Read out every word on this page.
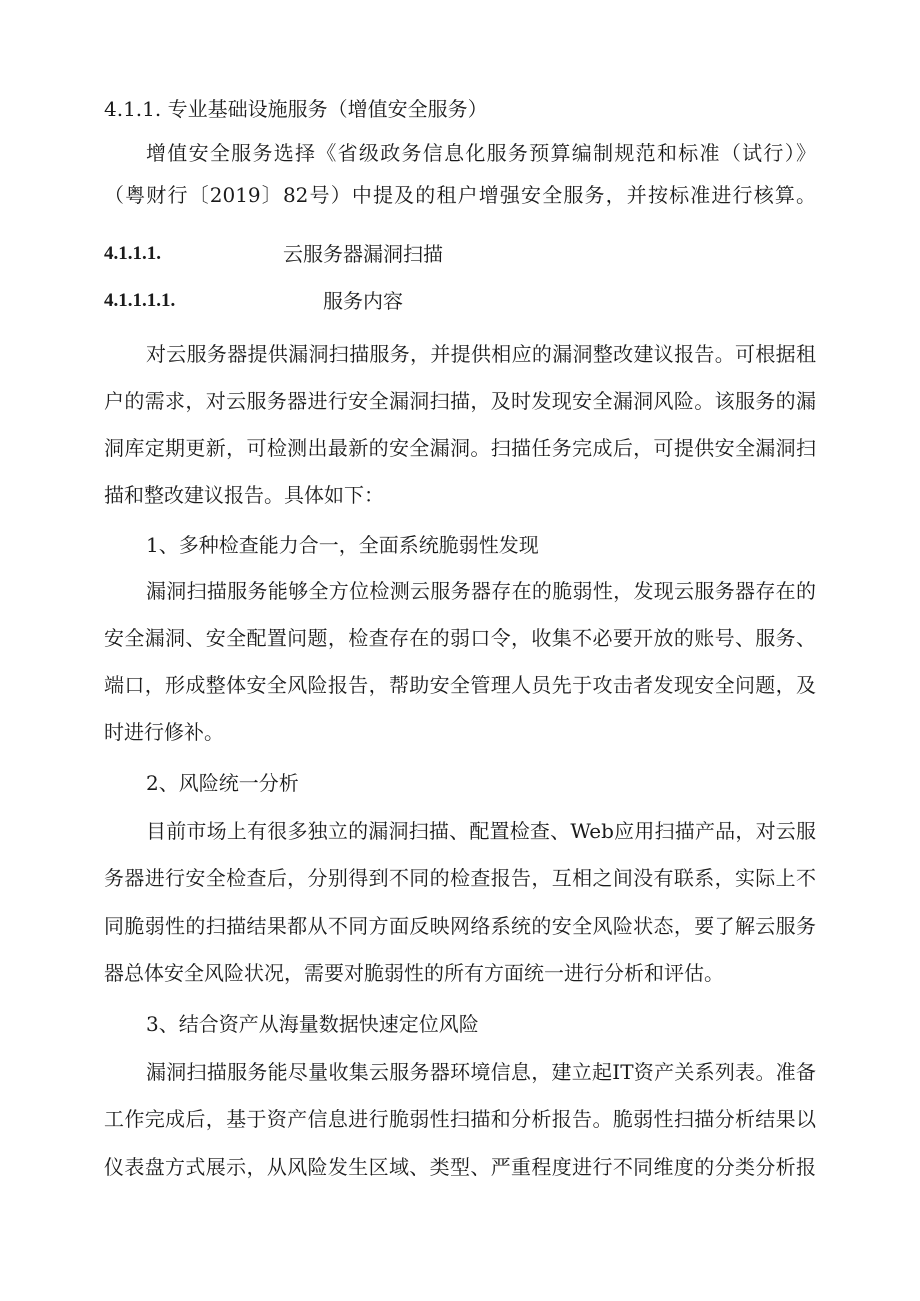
4.1.1. 专业基础设施服务（增值安全服务）
增值安全服务选择《省级政务信息化服务预算编制规范和标准（试行）》
（粤财行〔2019〕82号）中提及的租户增强安全服务，并按标准进行核算。
4.1.1.1.	云服务器漏洞扫描
4.1.1.1.1.	服务内容
对云服务器提供漏洞扫描服务，并提供相应的漏洞整改建议报告。可根据租
户的需求，对云服务器进行安全漏洞扫描，及时发现安全漏洞风险。该服务的漏
洞库定期更新，可检测出最新的安全漏洞。扫描任务完成后，可提供安全漏洞扫
描和整改建议报告。具体如下：
1、多种检查能力合一，全面系统脆弱性发现
漏洞扫描服务能够全方位检测云服务器存在的脆弱性，发现云服务器存在的
安全漏洞、安全配置问题，检查存在的弱口令，收集不必要开放的账号、服务、
端口，形成整体安全风险报告，帮助安全管理人员先于攻击者发现安全问题，及
时进行修补。
2、风险统一分析
目前市场上有很多独立的漏洞扫描、配置检查、Web应用扫描产品，对云服
务器进行安全检查后，分别得到不同的检查报告，互相之间没有联系，实际上不
同脆弱性的扫描结果都从不同方面反映网络系统的安全风险状态，要了解云服务
器总体安全风险状况，需要对脆弱性的所有方面统一进行分析和评估。
3、结合资产从海量数据快速定位风险
漏洞扫描服务能尽量收集云服务器环境信息，建立起IT资产关系列表。准备
工作完成后，基于资产信息进行脆弱性扫描和分析报告。脆弱性扫描分析结果以
仪表盘方式展示，从风险发生区域、类型、严重程度进行不同维度的分类分析报
